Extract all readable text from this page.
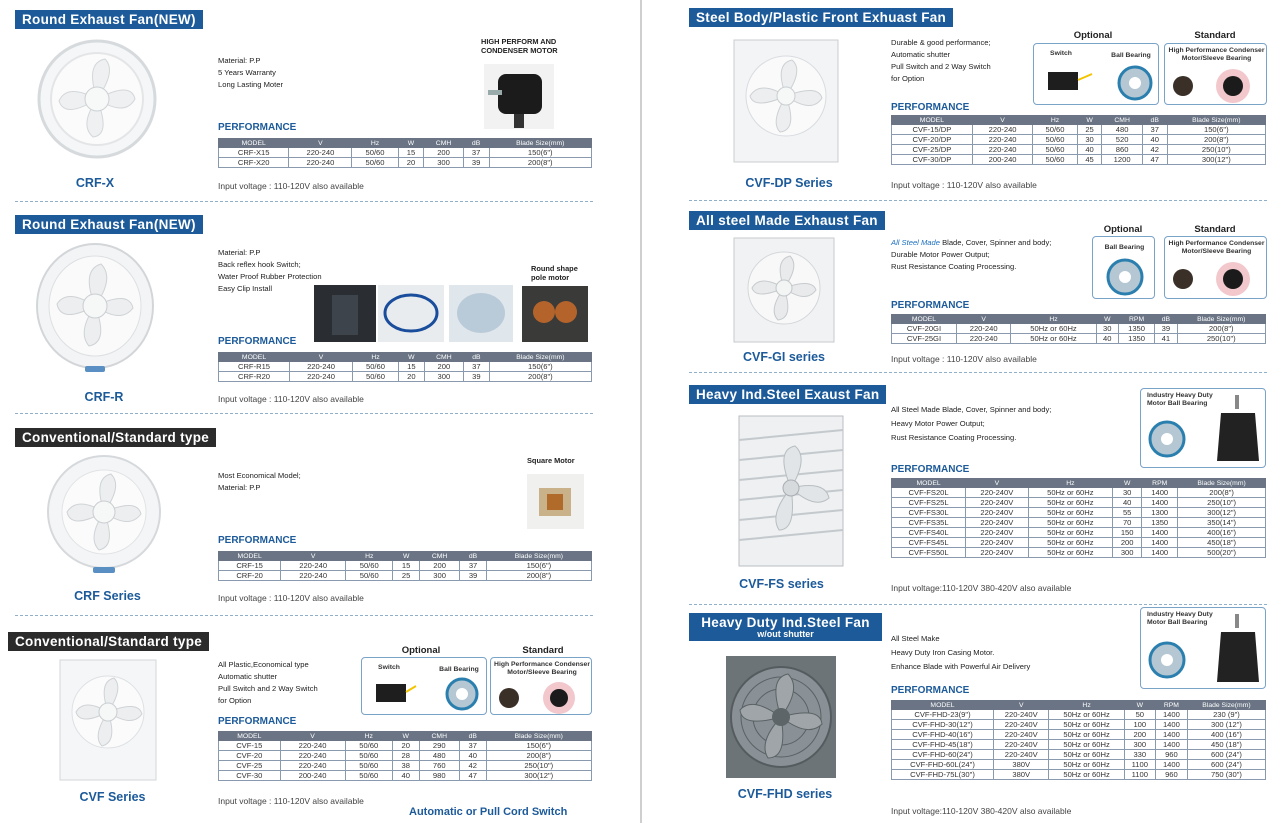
Round Exhaust Fan(NEW)
CRF-X
Material: P.P
5 Years Warranty
Long Lasting Moter
HIGH PERFORM AND CONDENSER MOTOR
PERFORMANCE
MODEL	V	Hz	W	CMH	dB	Blade Size(mm)
CRF-X15	220-240	50/60	15	200	37	150(6")
CRF-X20	220-240	50/60	20	300	39	200(8")
Input voltage : 110-120V also available
Round Exhaust Fan(NEW)
CRF-R
Material: P.P
Back reflex hook Switch;
Water Proof Rubber Protection
Easy Clip Install
Round shape pole motor
PERFORMANCE
MODEL	V	Hz	W	CMH	dB	Blade Size(mm)
CRF-R15	220-240	50/60	15	200	37	150(6")
CRF-R20	220-240	50/60	20	300	39	200(8")
Input voltage : 110-120V also available
Conventional/Standard type
CRF Series
Most Economical Model;
Material: P.P
Square Motor
PERFORMANCE
MODEL	V	Hz	W	CMH	dB	Blade Size(mm)
CRF-15	220-240	50/60	15	200	37	150(6")
CRF-20	220-240	50/60	25	300	39	200(8")
Input voltage : 110-120V also available
Conventional/Standard type
CVF Series
All Plastic,Economical type
Automatic shutter
Pull Switch and 2 Way Switch
for Option
Optional	Standard
Switch	Ball Bearing
High Performance Condenser Motor/Sleeve Bearing
PERFORMANCE
MODEL	V	Hz	W	CMH	dB	Blade Size(mm)
CVF-15	220-240	50/60	20	290	37	150(6")
CVF-20	220-240	50/60	28	480	40	200(8")
CVF-25	220-240	50/60	38	760	42	250(10")
CVF-30	200-240	50/60	40	980	47	300(12")
Input voltage : 110-120V also available
Automatic or Pull Cord Switch
Steel Body/Plastic Front Exhuast Fan
CVF-DP Series
Durable & good performance;
Automatic shutter
Pull Switch and 2 Way Switch
for Option
Optional	Standard
Switch	Ball Bearing
High Performance Condenser Motor/Sleeve Bearing
PERFORMANCE
MODEL	V	Hz	W	CMH	dB	Blade Size(mm)
CVF-15/DP	220-240	50/60	25	480	37	150(6")
CVF-20/DP	220-240	50/60	30	520	40	200(8")
CVF-25/DP	220-240	50/60	40	860	42	250(10")
CVF-30/DP	200-240	50/60	45	1200	47	300(12")
Input voltage : 110-120V also available
All steel Made Exhaust Fan
CVF-GI series
All Steel Made Blade, Cover, Spinner and body;
Durable Motor Power Output;
Rust Resistance Coating Processing.
Optional	Standard
Ball Bearing
High Performance Condenser Motor/Sleeve Bearing
PERFORMANCE
MODEL	V	Hz	W	RPM	dB	Blade Size(mm)
CVF-20GI	220-240	50Hz or 60Hz	30	1350	39	200(8")
CVF-25GI	220-240	50Hz or 60Hz	40	1350	41	250(10")
Input voltage : 110-120V also available
Heavy Ind.Steel Exaust Fan
CVF-FS series
All Steel Made Blade, Cover, Spinner and body;
Heavy Motor Power Output;
Rust Resistance Coating Processing.
Industry Heavy Duty Motor Ball Bearing
PERFORMANCE
MODEL	V	Hz	W	RPM	Blade Size(mm)
CVF-FS20L	220-240V	50Hz or 60Hz	30	1400	200(8")
CVF-FS25L	220-240V	50Hz or 60Hz	40	1400	250(10")
CVF-FS30L	220-240V	50Hz or 60Hz	55	1300	300(12")
CVF-FS35L	220-240V	50Hz or 60Hz	70	1350	350(14")
CVF-FS40L	220-240V	50Hz or 60Hz	150	1400	400(16")
CVF-FS45L	220-240V	50Hz or 60Hz	200	1400	450(18")
CVF-FS50L	220-240V	50Hz or 60Hz	300	1400	500(20")
Input voltage:110-120V 380-420V also available
Heavy Duty Ind.Steel Fan
w/out shutter
CVF-FHD series
All Steel Make
Heavy Duty Iron Casing Motor.
Enhance Blade with Powerful Air Delivery
Industry Heavy Duty Motor Ball Bearing
PERFORMANCE
MODEL	V	Hz	W	RPM	Blade Size(mm)
CVF-FHD-23(9")	220-240V	50Hz or 60Hz	50	1400	230 (9")
CVF-FHD-30(12")	220-240V	50Hz or 60Hz	100	1400	300 (12")
CVF-FHD-40(16")	220-240V	50Hz or 60Hz	200	1400	400 (16")
CVF-FHD-45(18")	220-240V	50Hz or 60Hz	300	1400	450 (18")
CVF-FHD-60(24")	220-240V	50Hz or 60Hz	330	960	600 (24")
CVF-FHD-60L(24")	380V	50Hz or 60Hz	1100	1400	600 (24")
CVF-FHD-75L(30")	380V	50Hz or 60Hz	1100	960	750 (30")
Input voltage:110-120V 380-420V also available
